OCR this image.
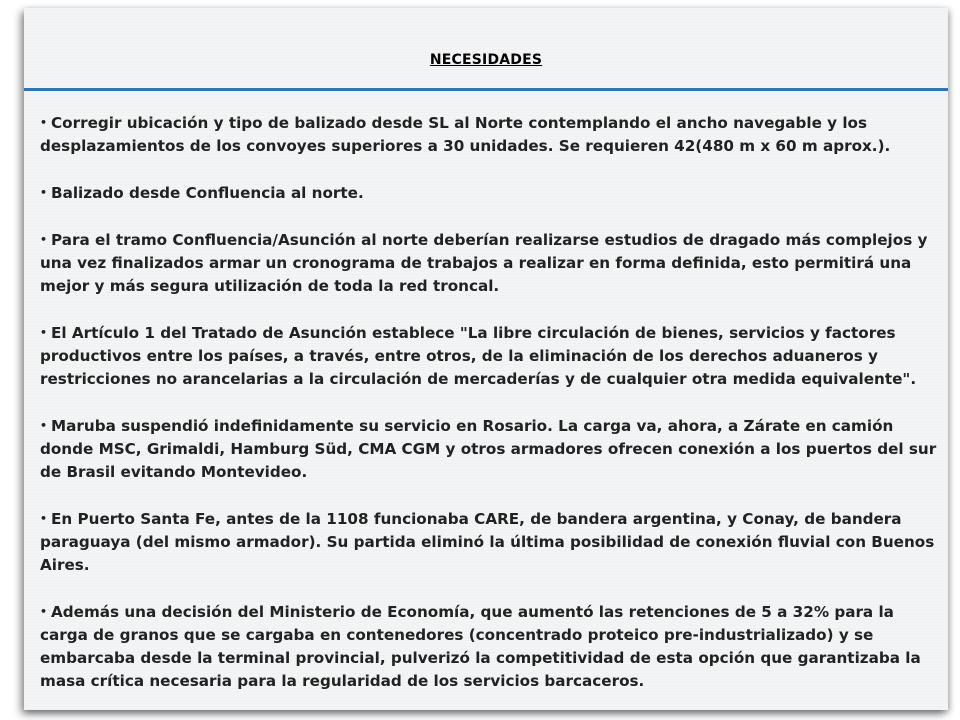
NECESIDADES

• Corregir ubicación y tipo de balizado desde SL al Norte contemplando el ancho navegable y los desplazamientos de los convoyes superiores a 30 unidades. Se requieren 42(480 m x 60 m aprox.).

• Balizado desde Confluencia al norte.

• Para el tramo Confluencia/Asunción al norte deberían realizarse estudios de dragado más complejos y una vez finalizados armar un cronograma de trabajos a realizar en forma definida, esto permitirá una mejor y más segura utilización de toda la red troncal.

• El Artículo 1 del Tratado de Asunción establece "La libre circulación de bienes, servicios y factores productivos entre los países, a través, entre otros, de la eliminación de los derechos aduaneros y restricciones no arancelarias a la circulación de mercaderías y de cualquier otra medida equivalente".

• Maruba suspendió indefinidamente su servicio en Rosario. La carga va, ahora, a Zárate en camión donde MSC, Grimaldi, Hamburg Süd, CMA CGM y otros armadores ofrecen conexión a los puertos del sur de Brasil evitando Montevideo.

• En Puerto Santa Fe, antes de la 1108 funcionaba CARE, de bandera argentina, y Conay, de bandera paraguaya (del mismo armador). Su partida eliminó la última posibilidad de conexión fluvial con Buenos Aires.

• Además una decisión del Ministerio de Economía, que aumentó las retenciones de 5 a 32% para la carga de granos que se cargaba en contenedores (concentrado proteico pre-industrializado) y se embarcaba desde la terminal provincial, pulverizó la competitividad de esta opción que garantizaba la masa crítica necesaria para la regularidad de los servicios barcaceros.
